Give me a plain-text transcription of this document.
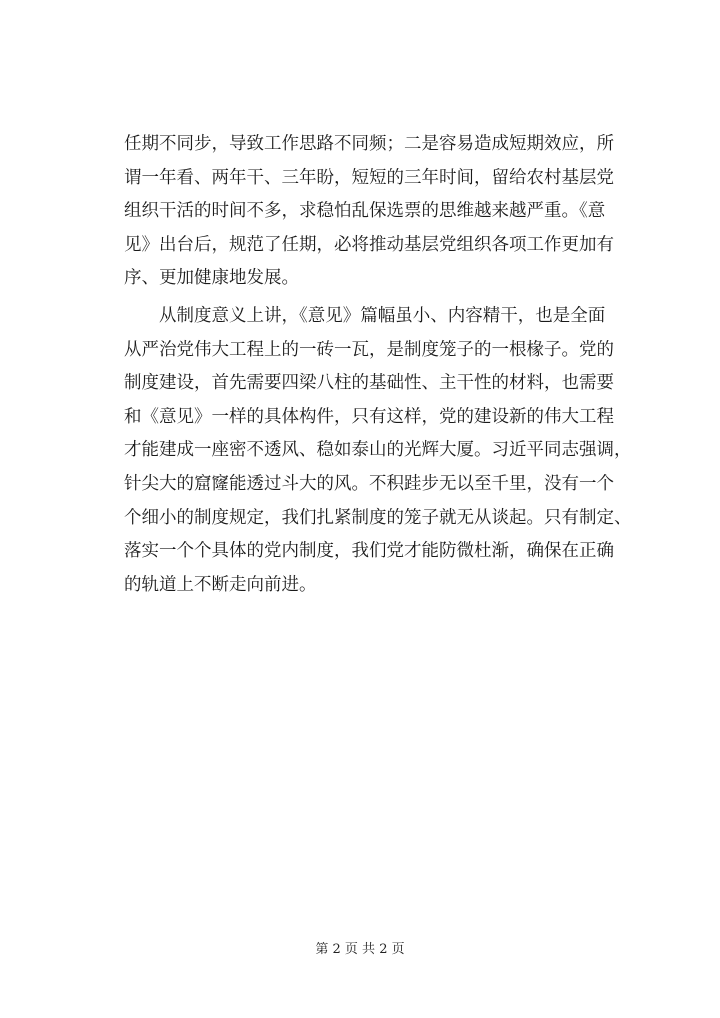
任期不同步，导致工作思路不同频；二是容易造成短期效应，所
谓一年看、两年干、三年盼，短短的三年时间，留给农村基层党
组织干活的时间不多，求稳怕乱保选票的思维越来越严重。《意
见》出台后，规范了任期，必将推动基层党组织各项工作更加有
序、更加健康地发展。
从制度意义上讲，《意见》篇幅虽小、内容精干，也是全面
从严治党伟大工程上的一砖一瓦，是制度笼子的一根椽子。党的
制度建设，首先需要四梁八柱的基础性、主干性的材料，也需要
和《意见》一样的具体构件，只有这样，党的建设新的伟大工程
才能建成一座密不透风、稳如泰山的光辉大厦。习近平同志强调，
针尖大的窟窿能透过斗大的风。不积跬步无以至千里，没有一个
个细小的制度规定，我们扎紧制度的笼子就无从谈起。只有制定、
落实一个个具体的党内制度，我们党才能防微杜渐，确保在正确
的轨道上不断走向前进。
第 2 页 共 2 页
